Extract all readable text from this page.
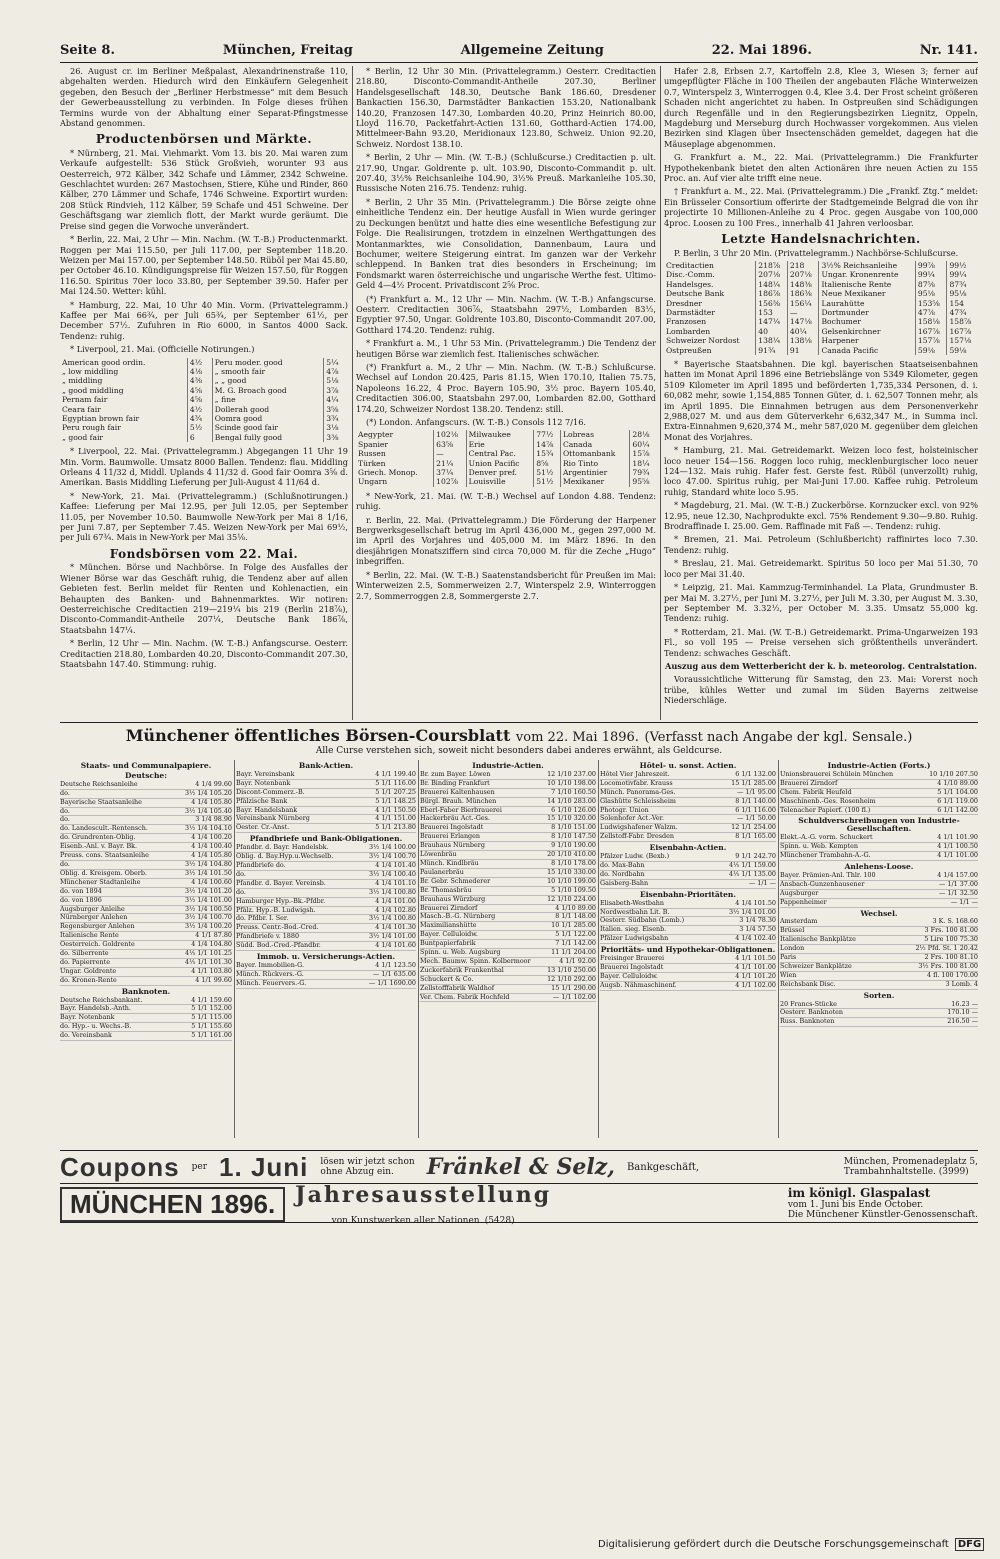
Seite 8.	München, Freitag	Allgemeine Zeitung	22. Mai 1896.	Nr. 141.

26. August cr. im Berliner Meßpalast, Alexandrinenstraße 110, abgehalten werden. Hiedurch wird den Einkäufern Gelegenheit gegeben, den Besuch der „Berliner Herbstmesse“ mit dem Besuch der Gewerbeausstellung zu verbinden. In Folge dieses frühen Termins wurde von der Abhaltung einer Separat-Pfingstmesse Abstand genommen.

Productenbörsen und Märkte.

* Nürnberg, 21. Mai. Viehmarkt. Vom 13. bis 20. Mai waren zum Verkaufe aufgestellt: 536 Stück Großvieh, worunter 93 aus Oesterreich, 972 Kälber, 342 Schafe und Lämmer, 2342 Schweine. Geschlachtet wurden: 267 Mastochsen, Stiere, Kühe und Rinder, 860 Kälber, 270 Lämmer und Schafe, 1746 Schweine. Exportirt wurden: 208 Stück Rindvieh, 112 Kälber, 59 Schafe und 451 Schweine. Der Geschäftsgang war ziemlich flott, der Markt wurde geräumt. Die Preise sind gegen die Vorwoche unverändert.

* Berlin, 22. Mai, 2 Uhr — Min. Nachm. (W. T.-B.) Productenmarkt. Roggen per Mai 115.50, per Juli 117.00, per September 118.20. Weizen per Mai 157.00, per September 148.50. Rüböl per Mai 45.80, per October 46.10. Kündigungspreise für Weizen 157.50, für Roggen 116.50. Spiritus 70er loco 33.80, per September 39.50. Hafer per Mai 124.50. Wetter: kühl.

* Hamburg, 22. Mai, 10 Uhr 40 Min. Vorm. (Privattelegramm.) Kaffee per Mai 66¾, per Juli 65¾, per September 61½, per December 57½. Zufuhren in Rio 6000, in Santos 4000 Sack. Tendenz: ruhig.

* Liverpool, 21. Mai. (Officielle Notirungen.)

American good ordin.	4½	Peru moder. good	5¼
„ low middling	4⅛	„ smooth fair	4⅞
„ middling	4⅜	„ „ good	5⅛
„ good middling	4⅝	M. G. Broach good	3⅞
Pernam fair	4⅝	„ fine	4¼
Ceara fair	4½	Dollerah good	3⅝
Egyptian brown fair	4¾	Oomra good	3¾
Peru rough fair	5½	Scinde good fair	3⅛
„ good fair	6	Bengal fully good	3⅜

* Liverpool, 22. Mai. (Privattelegramm.) Abgegangen 11 Uhr 19 Min. Vorm. Baumwolle. Umsatz 8000 Ballen. Tendenz: flau. Middling Orleans 4 11/32 d, Middl. Uplands 4 11/32 d. Good fair Oomra 3⅝ d. Amerikan. Basis Middling Lieferung per Juli-August 4 11/64 d.

* New-York, 21. Mai. (Privattelegramm.) (Schlußnotirungen.) Kaffee: Lieferung per Mai 12.95, per Juli 12.05, per September 11.05, per November 10.50. Baumwolle New-York per Mai 8 1/16, per Juni 7.87, per September 7.45. Weizen New-York per Mai 69½, per Juli 67¾. Mais in New-York per Mai 35⅛.

Fondsbörsen vom 22. Mai.

* München. Börse und Nachbörse. In Folge des Ausfalles der Wiener Börse war das Geschäft ruhig, die Tendenz aber auf allen Gebieten fest. Berlin meldet für Renten und Kohlenactien, ein Behaupten des Banken- und Bahnenmarktes. Wir notiren: Oesterreichische Creditactien 219—219¼ bis 219 (Berlin 218⅞), Disconto-Commandit-Antheile 207¼, Deutsche Bank 186⅞, Staatsbahn 147¼.

* Berlin, 12 Uhr — Min. Nachm. (W. T.-B.) Anfangscurse. Oesterr. Creditactien 218.80, Lombarden 40.20, Disconto-Commandit 207.30, Staatsbahn 147.40. Stimmung: ruhig.

* Berlin, 12 Uhr 30 Min. (Privattelegramm.) Oesterr. Creditactien 218.80, Disconto-Commandit-Antheile 207.30, Berliner Handelsgesellschaft 148.30, Deutsche Bank 186.60, Dresdener Bankactien 156.30, Darmstädter Bankactien 153.20, Nationalbank 140.20, Franzosen 147.30, Lombarden 40.20, Prinz Heinrich 80.00, Lloyd 116.70, Packetfahrt-Actien 131.60, Gotthard-Actien 174.00, Mittelmeer-Bahn 93.20, Meridionaux 123.80, Schweiz. Union 92.20, Schweiz. Nordost 138.10.

* Berlin, 2 Uhr — Min. (W. T.-B.) (Schlußcurse.) Creditactien p. ult. 217.90, Ungar. Goldrente p. ult. 103.90, Disconto-Commandit p. ult. 207.40, 3½% Reichsanleihe 104.90, 3½% Preuß. Markanleihe 105.30, Russische Noten 216.75. Tendenz: ruhig.

* Berlin, 2 Uhr 35 Min. (Privattelegramm.) Die Börse zeigte ohne einheitliche Tendenz ein. Der heutige Ausfall in Wien wurde geringer zu Deckungen benützt und hatte dies eine wesentliche Befestigung zur Folge. Die Realisirungen, trotzdem in einzelnen Werthgattungen des Montanmarktes, wie Consolidation, Dannenbaum, Laura und Bochumer, weitere Steigerung eintrat. Im ganzen war der Verkehr schleppend. In Banken trat dies besonders in Erscheinung; im Fondsmarkt waren österreichische und ungarische Werthe fest. Ultimo-Geld 4—4½ Procent. Privatdiscont 2⅝ Proc.

(*) Frankfurt a. M., 12 Uhr — Min. Nachm. (W. T.-B.) Anfangscurse. Oesterr. Creditactien 306⅞, Staatsbahn 297½, Lombarden 83½, Egyptier 97.50, Ungar. Goldrente 103.80, Disconto-Commandit 207.00, Gotthard 174.20. Tendenz: ruhig.

* Frankfurt a. M., 1 Uhr 53 Min. (Privattelegramm.) Die Tendenz der heutigen Börse war ziemlich fest. Italienisches schwächer.

(*) Frankfurt a. M., 2 Uhr — Min. Nachm. (W. T.-B.) Schlußcurse. Wechsel auf London 20.425, Paris 81.15, Wien 170.10, Italien 75.75, Napoleons 16.22, 4 Proc. Bayern 105.90, 3½ proc. Bayern 105.40, Creditactien 306.00, Staatsbahn 297.00, Lombarden 82.00, Gotthard 174.20, Schweizer Nordost 138.20. Tendenz: still.

(*) London. Anfangscurs. (W. T.-B.) Consols 112 7/16.

Aegypter	102⅛	Milwaukee	77½	Lobreas	28⅛
Spanier	63⅝	Erie	14⅞	Canada	60¼
Russen	—	Central Pac.	15¾	Ottomanbank	15⅞
Türken	21¼	Union Pacific	8⅝	Rio Tinto	18¼
Griech. Monop.	37¼	Denver pref.	51½	Argentinier	79¾
Ungarn	102⅞	Louisville	51½	Mexikaner	95⅝

* New-York, 21. Mai. (W. T.-B.) Wechsel auf London 4.88. Tendenz: ruhig.

r. Berlin, 22. Mai. (Privattelegramm.) Die Förderung der Harpener Bergwerksgesellschaft betrug im April 436,000 M., gegen 297,000 M. im April des Vorjahres und 405,000 M. im März 1896. In den diesjährigen Monatsziffern sind circa 70,000 M. für die Zeche „Hugo“ inbegriffen.

* Berlin, 22. Mai. (W. T.-B.) Saatenstandsbericht für Preußen im Mai: Winterweizen 2.5, Sommerweizen 2.7, Winterspelz 2.9, Winterroggen 2.7, Sommerroggen 2.8, Sommergerste 2.7.

Hafer 2.8, Erbsen 2.7, Kartoffeln 2.8, Klee 3, Wiesen 3; ferner auf umgepflügter Fläche in 100 Theilen der angebauten Fläche Winterweizen 0.7, Winterspelz 3, Winterroggen 0.4, Klee 3.4. Der Frost scheint größeren Schaden nicht angerichtet zu haben. In Ostpreußen sind Schädigungen durch Regenfälle und in den Regierungsbezirken Liegnitz, Oppeln, Magdeburg und Merseburg durch Hochwasser vorgekommen. Aus vielen Bezirken sind Klagen über Insectenschäden gemeldet, dagegen hat die Mäuseplage abgenommen.

G. Frankfurt a. M., 22. Mai. (Privattelegramm.) Die Frankfurter Hypothekenbank bietet den alten Actionären ihre neuen Actien zu 155 Proc. an. Auf vier alte trifft eine neue.

† Frankfurt a. M., 22. Mai. (Privattelegramm.) Die „Frankf. Ztg.“ meldet: Ein Brüsseler Consortium offerirte der Stadtgemeinde Belgrad die von ihr projectirte 10 Millionen-Anleihe zu 4 Proc. gegen Ausgabe von 100,000 4proc. Loosen zu 100 Fres., innerhalb 41 Jahren verloosbar.

Letzte Handelsnachrichten.

P. Berlin, 3 Uhr 20 Min. (Privattelegramm.) Nachbörse-Schlußcurse.

Creditactien	218⅞	218	3½% Reichsanleihe	99⅞	99½
Disc.-Comm.	207⅛	207⅛	Ungar. Kronenrente	99¼	99¼
Handelsges.	148¼	148⅜	Italienische Rente	87⅝	87¾
Deutsche Bank	186⅞	186⅜	Neue Mexikaner	95⅛	95⅛
Dresdner	156⅜	156¼	Laurahütte	153⅝	154
Darmstädter	153	—	Dortmunder	47⅞	47¾
Franzosen	147¼	147⅛	Bochumer	158⅛	158⅞
Lombarden	40	40¼	Gelsenkirchner	167⅞	167⅞
Schweizer Nordost	138¼	138⅛	Harpener	157⅞	157⅛
Ostpreußen	91¾	91	Canada Pacific	59⅛	59⅛

* Bayerische Staatsbahnen. Die kgl. bayerischen Staatseisenbahnen hatten im Monat April 1896 eine Betriebslänge von 5349 Kilometer, gegen 5109 Kilometer im April 1895 und beförderten 1,735,334 Personen, d. i. 60,082 mehr, sowie 1,154,885 Tonnen Güter, d. i. 62,507 Tonnen mehr, als im April 1895. Die Einnahmen betrugen aus dem Personenverkehr 2,988,027 M. und aus dem Güterverkehr 6,632,347 M., in Summa incl. Extra-Einnahmen 9,620,374 M., mehr 587,020 M. gegenüber dem gleichen Monat des Vorjahres.

* Hamburg, 21. Mai. Getreidemarkt. Weizen loco fest, holsteinischer loco neuer 154—156. Roggen loco ruhig, mecklenburgischer loco neuer 124—132. Mais ruhig. Hafer fest. Gerste fest. Rüböl (unverzollt) ruhig, loco 47.00. Spiritus ruhig, per Mai-Juni 17.00. Kaffee ruhig. Petroleum ruhig, Standard white loco 5.95.

* Magdeburg, 21. Mai. (W. T.-B.) Zuckerbörse. Kornzucker excl. von 92% 12.95, neue 12.30, Nachprodukte excl. 75% Rendement 9.30—9.80. Ruhig. Brodraffinade I. 25.00. Gem. Raffinade mit Faß —. Tendenz: ruhig.

* Bremen, 21. Mai. Petroleum (Schlußbericht) raffinirtes loco 7.30. Tendenz: ruhig.

* Breslau, 21. Mai. Getreidemarkt. Spiritus 50 loco per Mai 51.30, 70 loco per Mai 31.40.

* Leipzig, 21. Mai. Kammzug-Terminhandel. La Plata, Grundmuster B. per Mai M. 3.27½, per Juni M. 3.27½, per Juli M. 3.30, per August M. 3.30, per September M. 3.32½, per October M. 3.35. Umsatz 55,000 kg. Tendenz: ruhig.

* Rotterdam, 21. Mai. (W. T.-B.) Getreidemarkt. Prima-Ungarweizen 193 Fl., so voll 195 — Preise versehen sich größtentheils unverändert. Tendenz: schwaches Geschäft.

Auszug aus dem Wetterbericht der k. b. meteorolog. Centralstation.

Voraussichtliche Witterung für Samstag, den 23. Mai: Vorerst noch trübe, kühles Wetter und zumal im Süden Bayerns zeitweise Niederschläge.

Münchener öffentliches Börsen-Coursblatt vom 22. Mai 1896. (Verfasst nach Angabe der kgl. Sensale.)
Alle Curse verstehen sich, soweit nicht besonders dabei anderes erwähnt, als Geldcurse.
Staats- und Communalpapiere.
Deutsche:
Deutsche Reichsanleihe	4 1/4 99.60
do.	3½ 1/4 105.20
Bayerische Staatsanleihe	4 1/4 105.80
do.	3½ 1/4 105.40
do.	3 1/4 98.90
do. Landescult.-Rentensch.	3½ 1/4 104.10
do. Grundrenten-Oblig.	4 1/4 100.20
Eisenb.-Anl. v. Bayr. Bk.	4 1/4 100.40
Preuss. cons. Staatsanleihe	4 1/4 105.80
do.	3½ 1/4 104.80
Oblig. d. Kreisgem. Oberb.	3½ 1/4 101.50
Münchener Stadtanleihe	4 1/4 100.60
do. von 1894	3½ 1/4 101.20
do. von 1896	3½ 1/4 101.00
Augsburger Anleihe	3½ 1/4 100.50
Nürnberger Anlehen	3½ 1/4 100.70
Regensburger Anlehen	3½ 1/4 100.20
Italienische Rente	4 1/1 87.80
Oesterreich. Goldrente	4 1/4 104.80
do. Silberrente	4⅕ 1/1 101.25
do. Papierrente	4⅕ 1/1 101.30
Ungar. Goldrente	4 1/1 103.80
do. Kronen-Rente	4 1/1 99.60
Banknoten.
Deutsche Reichsbankant.	4 1/1 159.60
Bayr. Handelsb.-Anth.	5 1/1 152.00
Bayr. Notenbank	5 1/1 115.00
do. Hyp.- u. Wechs.-B.	5 1/1 155.60
do. Vereinsbank	5 1/1 161.00
Bank-Actien.
Bayr. Vereinsbank	4 1/1 199.40
Bayr. Notenbank	5 1/1 116.00
Discont-Commerz.-B.	5 1/1 207.25
Pfälzische Bank	5 1/1 148.25
Bayr. Handelsbank	4 1/1 150.50
Vereinsbank Nürnberg	4 1/1 151.00
Oester. Cr.-Anst.	5 1/1 213.80
Pfandbriefe und Bank-Obligationen.
Pfandbr. d. Bayr. Handelsbk.	3½ 1/4 100.00
Oblig. d. Bay.Hyp.u.Wechselb.	3½ 1/4 100.70
Pfandbriefe do.	4 1/4 101.40
do.	3½ 1/4 100.40
Pfandbr. d. Bayer. Vereinsb.	4 1/4 101.10
do.	3½ 1/4 100.80
Hamburger Hyp.-Bk.-Pfdbr.	4 1/4 101.00
Pfälz. Hyp.-B. Ludwigsh.	4 1/4 102.80
do. Pfdbr. I. Ser.	3½ 1/4 100.80
Preuss. Centr.-Bod.-Cred.	4 1/4 101.30
Pfandbriefe v. 1880	3½ 1/4 101.00
Südd. Bod.-Cred.-Pfandbr.	4 1/4 101.60
Immob. u. Versicherungs-Actien.
Bayer. Immobilien-G.	4 1/1 123.50
Münch. Rückvers.-G.	— 1/1 635.00
Münch. Feuervers.-G.	— 1/1 1690.00
Industrie-Actien.
Br. zum Bayer. Löwen	12 1/10 237.00
Br. Binding Frankfurt	10 1/10 198.00
Brauerei Kaltenhausen	7 1/10 160.50
Bürgl. Brauh. München	14 1/10 283.00
Eberl-Faber Bierbrauerei	6 1/10 126.00
Hackerbräu Act.-Ges.	15 1/10 320.00
Brauerei Ingolstadt	8 1/10 151.00
Brauerei Erlangen	8 1/10 147.50
Brauhaus Nürnberg	9 1/10 190.00
Löwenbräu	20 1/10 410.00
Münch. Kindlbräu	8 1/10 178.00
Paulanerbräu	15 1/10 330.00
Br. Gebr. Schmederer	10 1/10 199.00
Br. Thomasbräu	5 1/10 109.50
Brauhaus Würzburg	12 1/10 224.00
Brauerei Zirndorf	4 1/10 89.00
Masch.-B.-G. Nürnberg	8 1/1 148.00
Maximilianshütte	10 1/1 285.00
Bayer. Celluloidw.	5 1/1 122.00
Buntpapierfabrik	7 1/1 142.00
Spinn. u. Web. Augsburg	11 1/1 204.00
Mech. Baumw. Spinn. Kolbermoor	4 1/1 92.00
Zuckerfabrik Frankenthal	13 1/10 250.00
Schuckert & Co.	12 1/10 292.00
Zellstofffabrik Waldhof	15 1/1 290.00
Ver. Chem. Fabrik Hochfeld	— 1/1 102.00
Hôtel- u. sonst. Actien.
Hôtel Vier Jahreszeit.	6 1/1 132.00
Locomotivfabr. Krauss	15 1/1 285.00
Münch. Panorama-Ges.	— 1/1 95.00
Glashütte Schleissheim	8 1/1 140.00
Photogr. Union	6 1/1 116.00
Solenhofer Act.-Ver.	— 1/1 50.00
Ludwigshafener Walzm.	12 1/1 254.00
Zellstoff-Fabr. Dresden	8 1/1 165.00
Eisenbahn-Actien.
Pfälzer Ludw. (Bexb.)	9 1/1 242.70
do. Max-Bahn	4⅕ 1/1 159.00
do. Nordbahn	4⅕ 1/1 135.00
Gaisberg-Bahn	— 1/1 —
Eisenbahn-Prioritäten.
Elisabeth-Westbahn	4 1/4 101.50
Nordwestbahn Lit. B.	3½ 1/4 101.00
Oesterr. Südbahn (Lomb.)	3 1/4 78.30
Italien. sieg. Eisenb.	3 1/4 57.50
Pfälzer Ludwigsbahn	4 1/4 102.40
Prioritäts- und Hypothekar-Obligationen.
Freisinger Brauerei	4 1/1 101.50
Brauerei Ingolstadt	4 1/1 101.00
Bayer. Celluloidw.	4 1/1 101.20
Augsb. Nähmaschinenf.	4 1/1 102.00
Industrie-Actien (Forts.)
Unionsbrauerei Schülein München	10 1/10 207.50
Brauerei Zirndorf	4 1/10 89.00
Chem. Fabrik Heufeld	5 1/1 104.00
Maschinenb.-Ges. Rosenheim	6 1/1 119.00
Telenacher Papierf. (100 fl.)	6 1/1 142.00
Schuldverschreibungen von Industrie-Gesellschaften.
Elekt.-A.-G. vorm. Schuckert	4 1/1 101.90
Spinn. u. Web. Kempten	4 1/1 100.50
Münchener Trambahn-A.-G.	4 1/1 101.00
Anlehens-Loose.
Bayer. Prämien-Anl. Thlr. 100	4 1/4 157.00
Ansbach-Gunzenhausener	— 1/1 37.00
Augsburger	— 1/1 32.50
Pappenheimer	— 1/1 —
Wechsel.
Amsterdam	3 K. S. 168.60
Brüssel	3 Frs. 100 81.00
Italienische Bankplätze	5 Lire 100 75.30
London	2½ Pfd. St. 1 20.42
Paris	2 Frs. 100 81.10
Schweizer Bankplätze	3½ Frs. 100 81.00
Wien	4 fl. 100 170.00
Reichsbank Disc.	3 Lomb. 4
Sorten.
20 Francs-Stücke	16.23 —
Oesterr. Banknoten	170.10 —
Russ. Banknoten	216.50 —
Coupons per 1. Juni lösen wir jetzt schon
ohne Abzug ein.	Fränkel & Selz, Bankgeschäft,	München, Promenadeplatz 5,
Trambahnhaltstelle. (3999)
MÜNCHEN 1896. Jahresausstellung
von Kunstwerken aller Nationen (5428)
im königl. Glaspalast
vom 1. Juni bis Ende October.
Die Münchener Künstler-Genossenschaft.
Digitalisierung gefördert durch die Deutsche Forschungsgemeinschaft DFG
